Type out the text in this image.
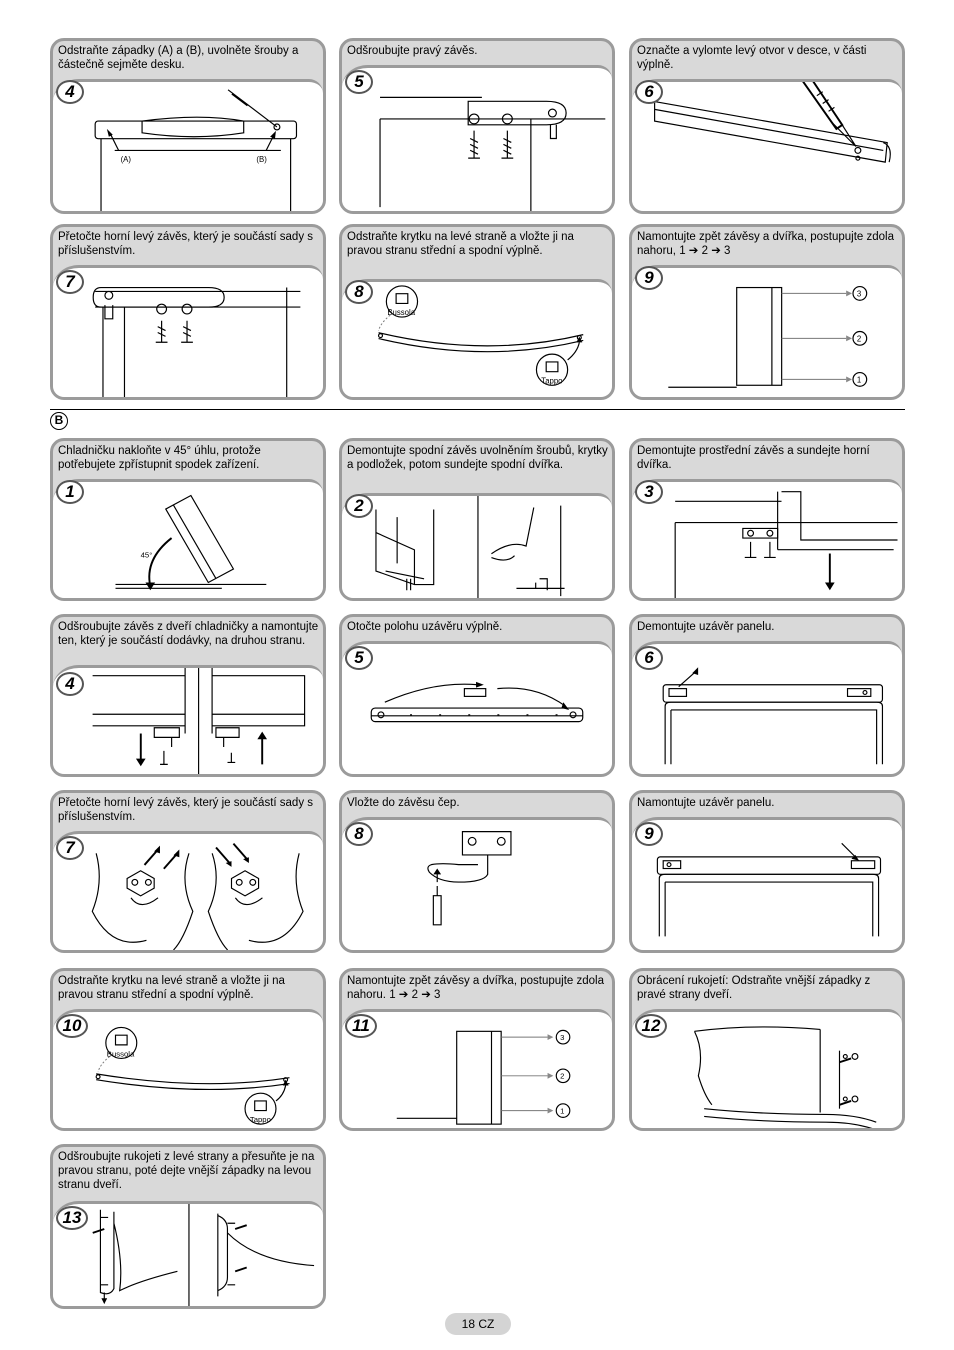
Odstraňte západky (A) a (B), uvolněte šrouby a částečně sejměte desku.
(A)	(B)
4
Odšroubujte pravý závěs.
5
Označte a vylomte levý otvor v desce, v části výplně.
6
Přetočte horní levý závěs, který je součástí sady s příslušenstvím.
7
Odstraňte krytku na levé straně a vložte ji na pravou stranu střední a spodní výplně.
Bussola
Tappo
8
Namontujte zpět závěsy a dvířka, postupujte zdola nahoru, 1 ➔ 2 ➔ 3
3
2
1
9
B
Chladničku nakloňte v 45° úhlu, protože potřebujete zpřístupnit spodek zařízení.
45°
1
Demontujte spodní závěs uvolněním šroubů, krytky a podložek, potom sundejte spodní dvířka.
2
Demontujte prostřední závěs a sundejte horní dvířka.
3
Odšroubujte závěs z dveří chladničky a namontujte ten, který je součástí dodávky, na druhou stranu.
4
Otočte polohu uzávěru výplně.
5
Demontujte uzávěr panelu.
6
Přetočte horní levý závěs, který je součástí sady s příslušenstvím.
7
Vložte do závěsu čep.
8
Namontujte uzávěr panelu.
9
Odstraňte krytku na levé straně a vložte ji na pravou stranu střední a spodní výplně.
Bussola
Tappo
10
Namontujte zpět závěsy a dvířka, postupujte zdola nahoru. 1 ➔ 2 ➔ 3
3
2
1
11
Obrácení rukojetí: Odstraňte vnější západky z pravé strany dveří.
12
Odšroubujte rukojeti z levé strany a přesuňte je na pravou stranu, poté dejte vnější západky na levou stranu dveří.
13
18 CZ
